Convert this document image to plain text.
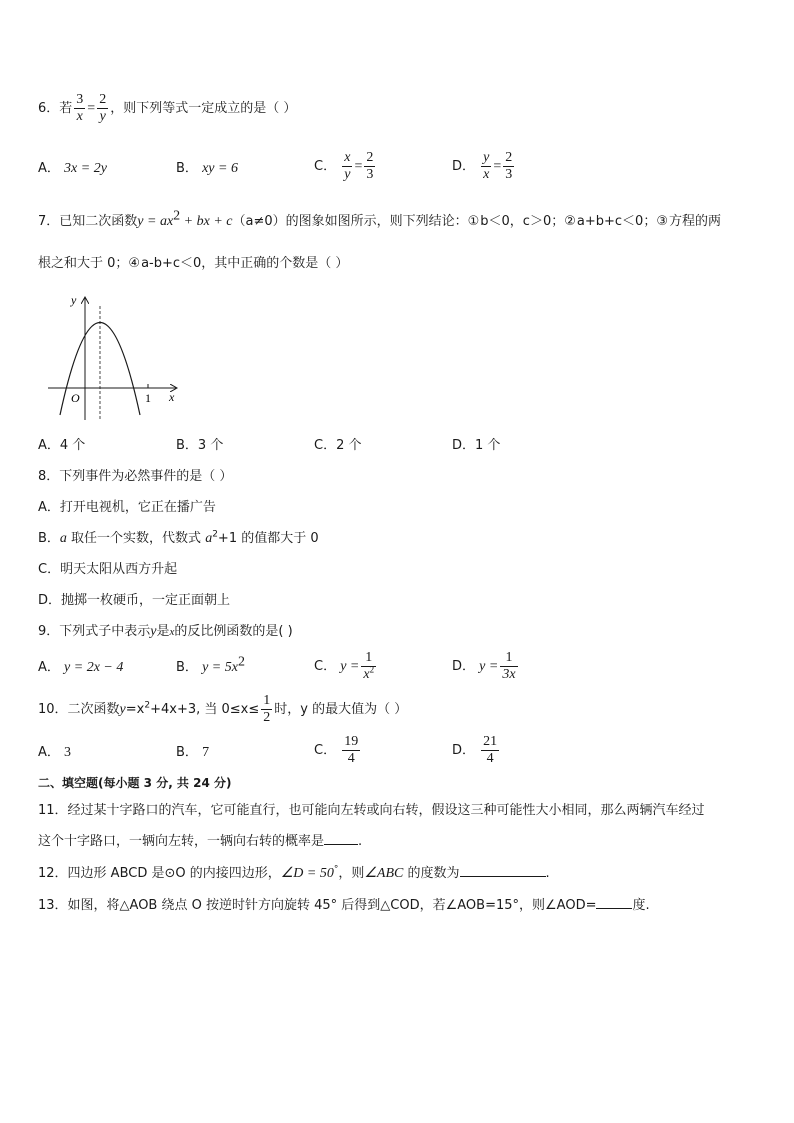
6．若 $\frac{3}{x} = \frac{2}{y}$ ，则下列等式一定成立的是（ ）
A． 3x = 2y	B． xy = 6	C． $\frac{x}{y} = \frac{2}{3}$	D． $\frac{y}{x} = \frac{2}{3}$
7．已知二次函数$y = ax^2$ + bx + c（a≠0）的图象如图所示，则下列结论：①b＜0，c＞0；②a+b+c＜0；③方程的两
根之和大于 0；④a-b+c＜0，其中正确的个数是（ ）
y
x
O	1
A．4 个	B．3 个	C．2 个	D．1 个
8．下列事件为必然事件的是（ ）
A．打开电视机，它正在播广告
B．a 取任一个实数，代数式 $a^2+1$ 的值都大于 0
C．明天太阳从西方升起
D．抛掷一枚硬币，一定正面朝上
9．下列式子中表示y是x的反比例函数的是( )
A． y = 2x − 4	B． $y = 5x^2$	C． $y = \frac{1}{x^2}$	D． $y = \frac{1}{3x}$
10．二次函数$y=x^2+4x+3$, 当 $0\le x\le \frac{1}{2}$ 时，y 的最大值为（ ）
A． 3	B． 7	C． $\frac{19}{4}$	D． $\frac{21}{4}$
二、填空题(每小题 3 分, 共 24 分)
11．经过某十字路口的汽车，它可能直行，也可能向左转或向右转，假设这三种可能性大小相同，那么两辆汽车经过
这个十字路口，一辆向左转，一辆向右转的概率是	.
12．四边形 ABCD 是⊙O 的内接四边形，∠D = 50°，则∠ABC 的度数为	.
13．如图，将△AOB 绕点 O 按逆时针方向旋转 45° 后得到△COD，若∠AOB=15°，则∠AOD=	度.
